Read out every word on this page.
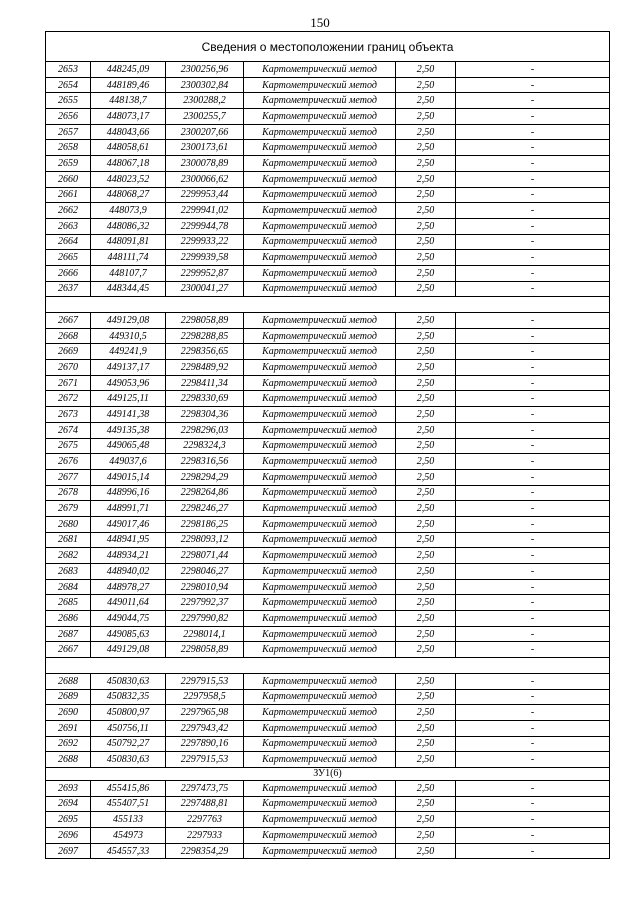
150
Сведения о местоположении границ объекта					
2653	448245,09	2300256,96	Картометрический метод	2,50	-
2654	448189,46	2300302,84	Картометрический метод	2,50	-
2655	448138,7	2300288,2	Картометрический метод	2,50	-
2656	448073,17	2300255,7	Картометрический метод	2,50	-
2657	448043,66	2300207,66	Картометрический метод	2,50	-
2658	448058,61	2300173,61	Картометрический метод	2,50	-
2659	448067,18	2300078,89	Картометрический метод	2,50	-
2660	448023,52	2300066,62	Картометрический метод	2,50	-
2661	448068,27	2299953,44	Картометрический метод	2,50	-
2662	448073,9	2299941,02	Картометрический метод	2,50	-
2663	448086,32	2299944,78	Картометрический метод	2,50	-
2664	448091,81	2299933,22	Картометрический метод	2,50	-
2665	448111,74	2299939,58	Картометрический метод	2,50	-
2666	448107,7	2299952,87	Картометрический метод	2,50	-
2637	448344,45	2300041,27	Картометрический метод	2,50	-

2667	449129,08	2298058,89	Картометрический метод	2,50	-
2668	449310,5	2298288,85	Картометрический метод	2,50	-
2669	449241,9	2298356,65	Картометрический метод	2,50	-
2670	449137,17	2298489,92	Картометрический метод	2,50	-
2671	449053,96	2298411,34	Картометрический метод	2,50	-
2672	449125,11	2298330,69	Картометрический метод	2,50	-
2673	449141,38	2298304,36	Картометрический метод	2,50	-
2674	449135,38	2298296,03	Картометрический метод	2,50	-
2675	449065,48	2298324,3	Картометрический метод	2,50	-
2676	449037,6	2298316,56	Картометрический метод	2,50	-
2677	449015,14	2298294,29	Картометрический метод	2,50	-
2678	448996,16	2298264,86	Картометрический метод	2,50	-
2679	448991,71	2298246,27	Картометрический метод	2,50	-
2680	449017,46	2298186,25	Картометрический метод	2,50	-
2681	448941,95	2298093,12	Картометрический метод	2,50	-
2682	448934,21	2298071,44	Картометрический метод	2,50	-
2683	448940,02	2298046,27	Картометрический метод	2,50	-
2684	448978,27	2298010,94	Картометрический метод	2,50	-
2685	449011,64	2297992,37	Картометрический метод	2,50	-
2686	449044,75	2297990,82	Картометрический метод	2,50	-
2687	449085,63	2298014,1	Картометрический метод	2,50	-
2667	449129,08	2298058,89	Картометрический метод	2,50	-

2688	450830,63	2297915,53	Картометрический метод	2,50	-
2689	450832,35	2297958,5	Картометрический метод	2,50	-
2690	450800,97	2297965,98	Картометрический метод	2,50	-
2691	450756,11	2297943,42	Картометрический метод	2,50	-
2692	450792,27	2297890,16	Картометрический метод	2,50	-
2688	450830,63	2297915,53	Картометрический метод	2,50	-
ЗУ1(6)					
2693	455415,86	2297473,75	Картометрический метод	2,50	-
2694	455407,51	2297488,81	Картометрический метод	2,50	-
2695	455133	2297763	Картометрический метод	2,50	-
2696	454973	2297933	Картометрический метод	2,50	-
2697	454557,33	2298354,29	Картометрический метод	2,50	-
